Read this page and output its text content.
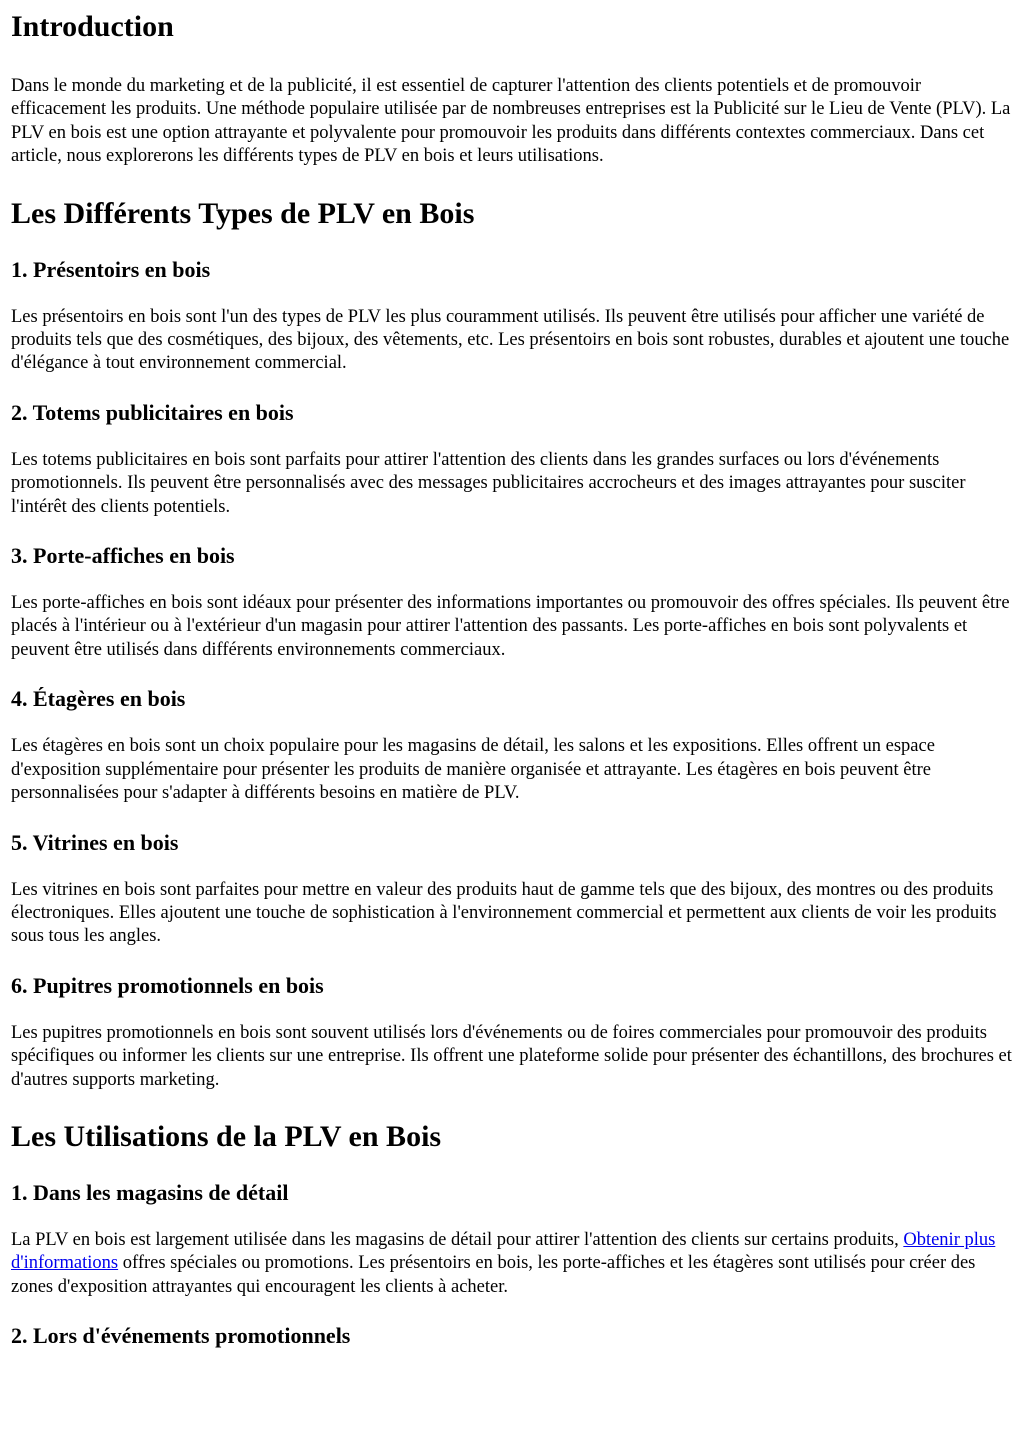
Introduction

Dans le monde du marketing et de la publicité, il est essentiel de capturer l'attention des clients potentiels et de promouvoir efficacement les produits. Une méthode populaire utilisée par de nombreuses entreprises est la Publicité sur le Lieu de Vente (PLV). La PLV en bois est une option attrayante et polyvalente pour promouvoir les produits dans différents contextes commerciaux. Dans cet article, nous explorerons les différents types de PLV en bois et leurs utilisations.

Les Différents Types de PLV en Bois
1. Présentoirs en bois

Les présentoirs en bois sont l'un des types de PLV les plus couramment utilisés. Ils peuvent être utilisés pour afficher une variété de produits tels que des cosmétiques, des bijoux, des vêtements, etc. Les présentoirs en bois sont robustes, durables et ajoutent une touche d'élégance à tout environnement commercial.

2. Totems publicitaires en bois

Les totems publicitaires en bois sont parfaits pour attirer l'attention des clients dans les grandes surfaces ou lors d'événements promotionnels. Ils peuvent être personnalisés avec des messages publicitaires accrocheurs et des images attrayantes pour susciter l'intérêt des clients potentiels.

3. Porte-affiches en bois

Les porte-affiches en bois sont idéaux pour présenter des informations importantes ou promouvoir des offres spéciales. Ils peuvent être placés à l'intérieur ou à l'extérieur d'un magasin pour attirer l'attention des passants. Les porte-affiches en bois sont polyvalents et peuvent être utilisés dans différents environnements commerciaux.

4. Étagères en bois

Les étagères en bois sont un choix populaire pour les magasins de détail, les salons et les expositions. Elles offrent un espace d'exposition supplémentaire pour présenter les produits de manière organisée et attrayante. Les étagères en bois peuvent être personnalisées pour s'adapter à différents besoins en matière de PLV.

5. Vitrines en bois

Les vitrines en bois sont parfaites pour mettre en valeur des produits haut de gamme tels que des bijoux, des montres ou des produits électroniques. Elles ajoutent une touche de sophistication à l'environnement commercial et permettent aux clients de voir les produits sous tous les angles.

6. Pupitres promotionnels en bois

Les pupitres promotionnels en bois sont souvent utilisés lors d'événements ou de foires commerciales pour promouvoir des produits spécifiques ou informer les clients sur une entreprise. Ils offrent une plateforme solide pour présenter des échantillons, des brochures et d'autres supports marketing.

Les Utilisations de la PLV en Bois
1. Dans les magasins de détail

La PLV en bois est largement utilisée dans les magasins de détail pour attirer l'attention des clients sur certains produits, Obtenir plus d'informations offres spéciales ou promotions. Les présentoirs en bois, les porte-affiches et les étagères sont utilisés pour créer des zones d'exposition attrayantes qui encouragent les clients à acheter.

2. Lors d'événements promotionnels
